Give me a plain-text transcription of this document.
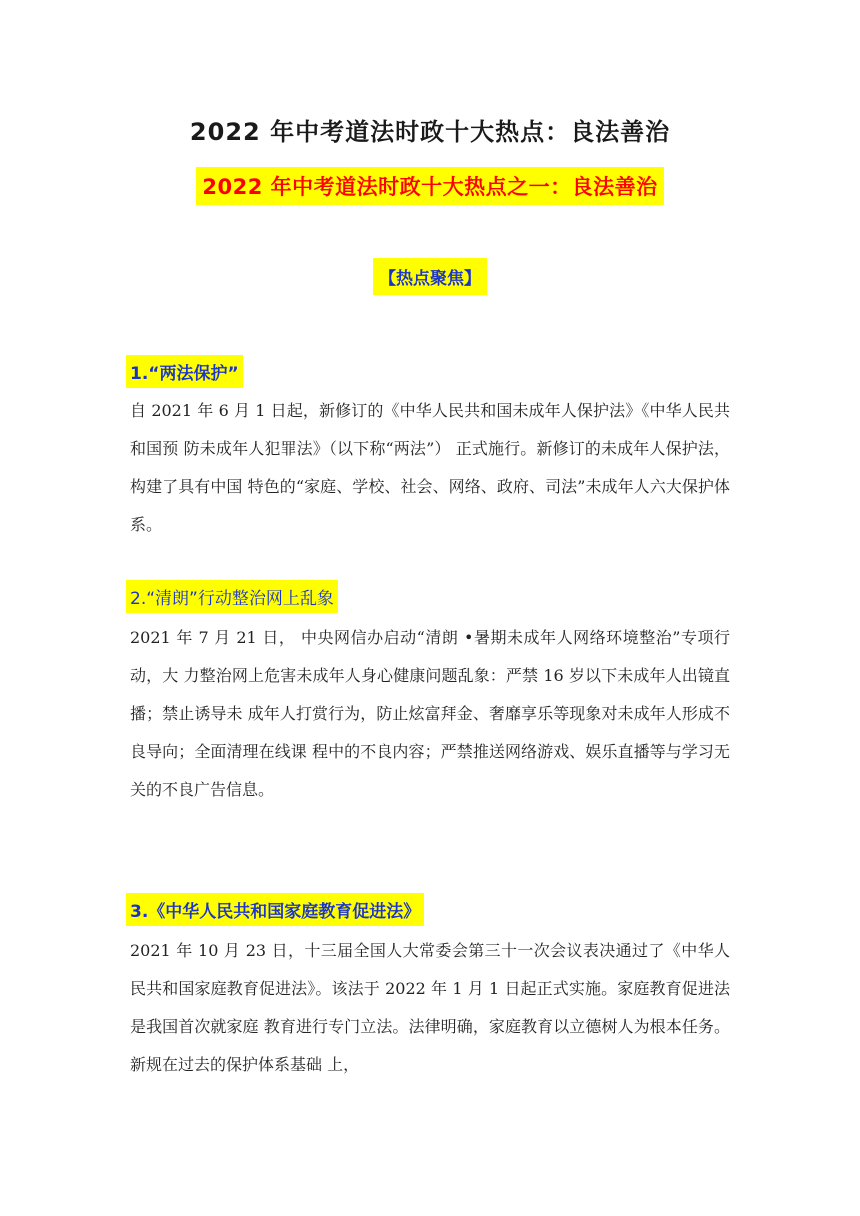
2022 年中考道法时政十大热点：良法善治
2022 年中考道法时政十大热点之一：良法善治
【热点聚焦】
1.“两法保护”

自 2021 年 6 月 1 日起，新修订的《中华人民共和国未成年人保护法》《中华人民共和国预 防未成年人犯罪法》（以下称“两法”） 正式施行。新修订的未成年人保护法，构建了具有中国 特色的“家庭、学校、社会、网络、政府、司法”未成年人六大保护体系。

2.“清朗”行动整治网上乱象

2021 年 7 月 21 日， 中央网信办启动“清朗 •暑期未成年人网络环境整治”专项行动，大 力整治网上危害未成年人身心健康问题乱象：严禁 16 岁以下未成年人出镜直播；禁止诱导未 成年人打赏行为，防止炫富拜金、奢靡享乐等现象对未成年人形成不良导向；全面清理在线课 程中的不良内容；严禁推送网络游戏、娱乐直播等与学习无关的不良广告信息。

3.《中华人民共和国家庭教育促进法》

2021 年 10 月 23 日，十三届全国人大常委会第三十一次会议表决通过了《中华人民共和国家庭教育促进法》。该法于 2022 年 1 月 1 日起正式实施。家庭教育促进法是我国首次就家庭 教育进行专门立法。法律明确，家庭教育以立德树人为根本任务。新规在过去的保护体系基础 上，
